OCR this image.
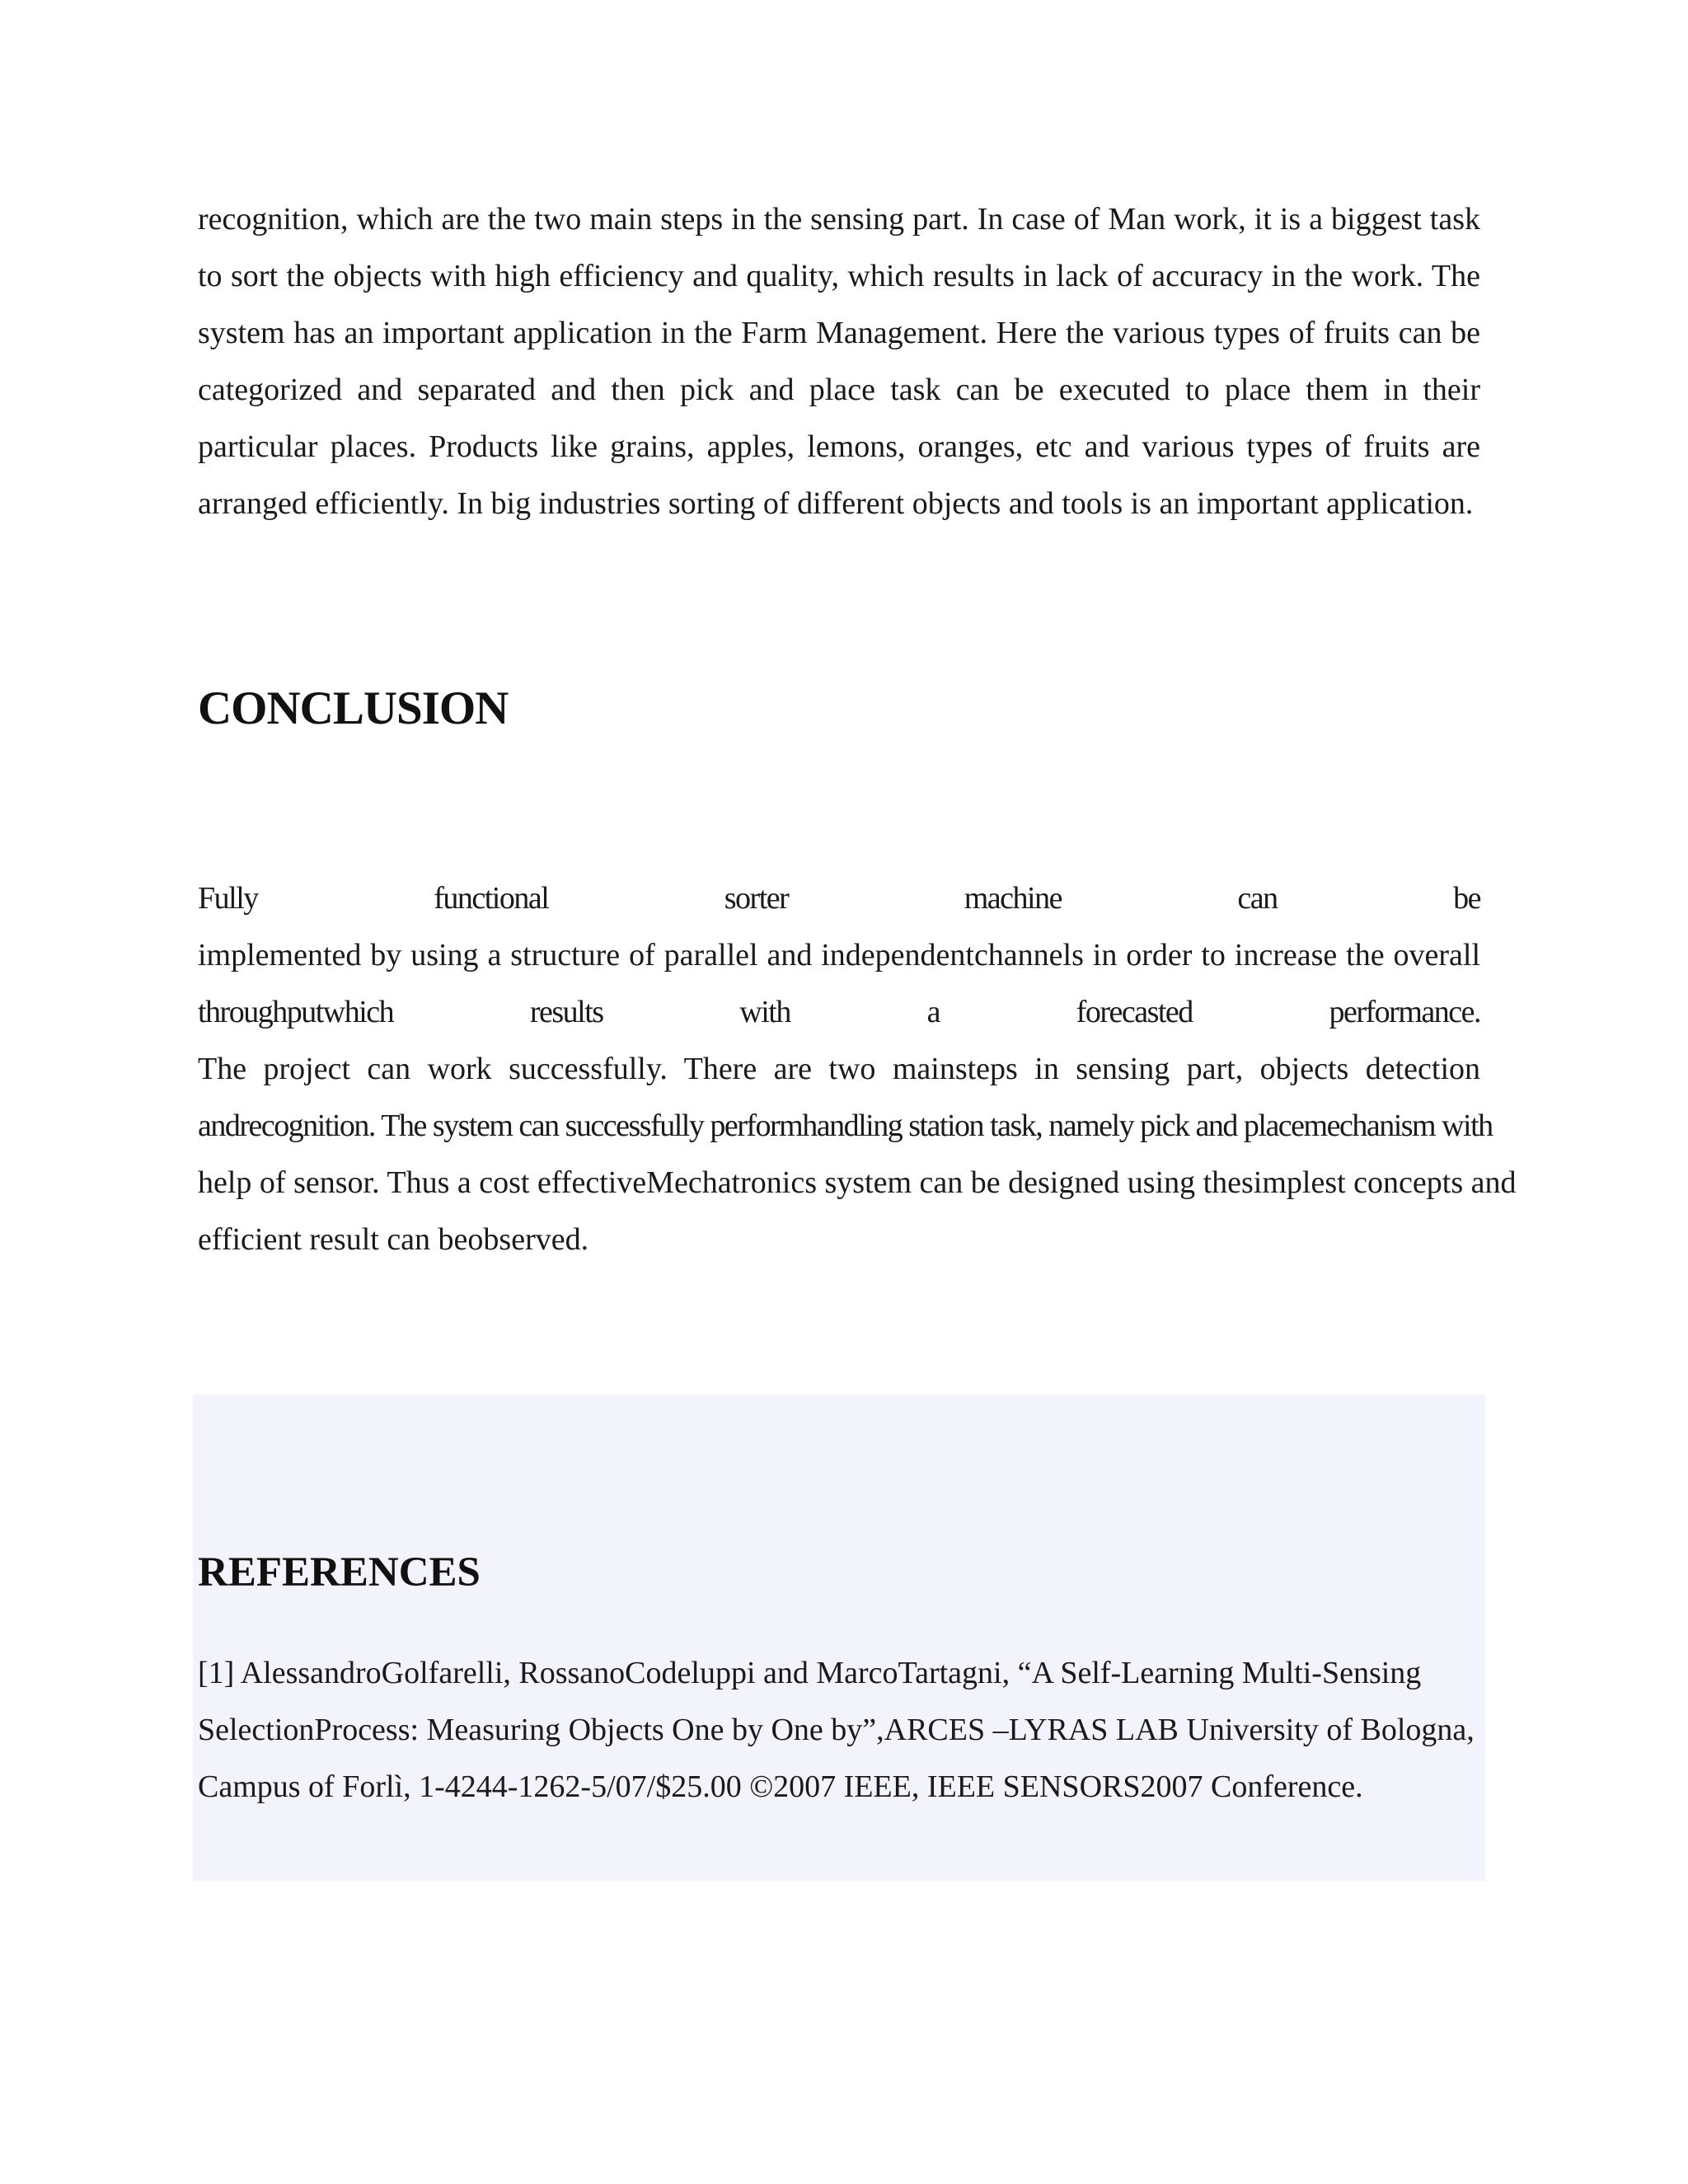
recognition, which are the two main steps in the sensing part. In case of Man work, it is a biggest task to sort the objects with high efficiency and quality, which results in lack of accuracy in the work. The system has an important application in the Farm Management. Here the various types of fruits can be categorized and separated and then pick and place task can be executed to place them in their particular places. Products like grains, apples, lemons, oranges, etc and various types of fruits are arranged efficiently. In big industries sorting of different objects and tools is an important application.

CONCLUSION
Fully functional sorter machine can be
implemented by using a structure of parallel and independentchannels in order to increase the overall
throughputwhich results with a forecasted performance.
The project can work successfully. There are two mainsteps in sensing part, objects detection
andrecognition. The system can successfully performhandling station task, namely pick and placemechanism with
help of sensor. Thus a cost effectiveMechatronics system can be designed using thesimplest concepts and
efficient result can beobserved.
REFERENCES
[1] AlessandroGolfarelli, RossanoCodeluppi and MarcoTartagni, “A Self-Learning Multi-Sensing SelectionProcess: Measuring Objects One by One by”,ARCES –LYRAS LAB University of Bologna, Campus of Forlì, 1-4244-1262-5/07/$25.00 ©2007 IEEE, IEEE SENSORS2007 Conference.
